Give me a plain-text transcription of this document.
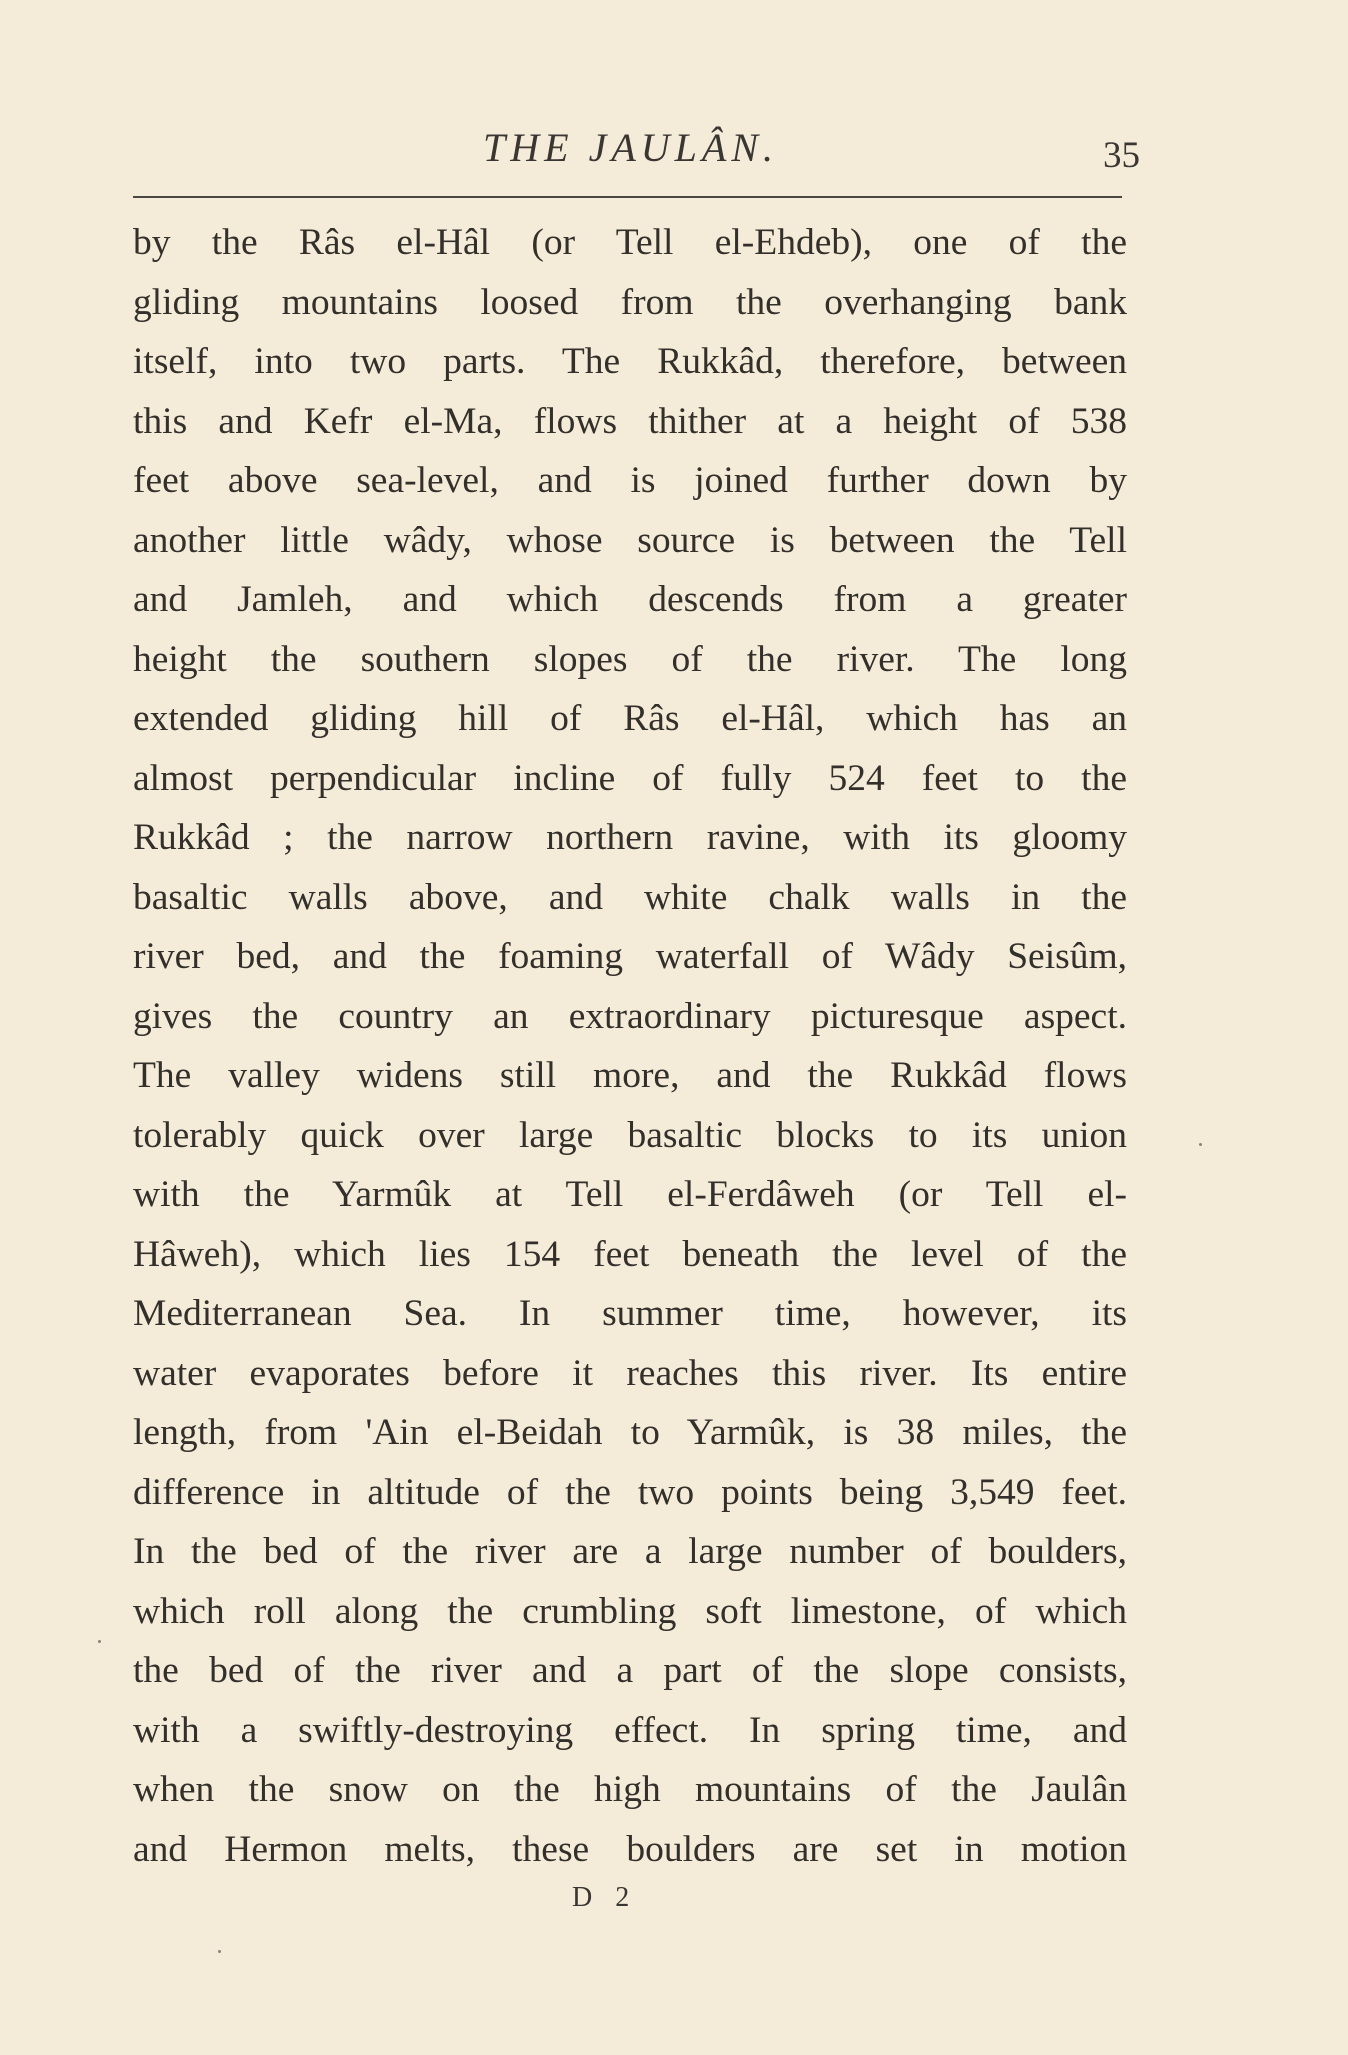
THE JAULÂN.	35
by the Râs el-Hâl (or Tell el-Ehdeb), one of the
gliding mountains loosed from the overhanging bank
itself, into two parts. The Rukkâd, therefore, between
this and Kefr el-Ma, flows thither at a height of 538
feet above sea-level, and is joined further down by
another little wâdy, whose source is between the Tell
and Jamleh, and which descends from a greater
height the southern slopes of the river. The long
extended gliding hill of Râs el-Hâl, which has an
almost perpendicular incline of fully 524 feet to the
Rukkâd ; the narrow northern ravine, with its gloomy
basaltic walls above, and white chalk walls in the
river bed, and the foaming waterfall of Wâdy Seisûm,
gives the country an extraordinary picturesque aspect.
The valley widens still more, and the Rukkâd flows
tolerably quick over large basaltic blocks to its union
with the Yarmûk at Tell el-Ferdâweh (or Tell el-
Hâweh), which lies 154 feet beneath the level of the
Mediterranean Sea. In summer time, however, its
water evaporates before it reaches this river. Its entire
length, from 'Ain el-Beidah to Yarmûk, is 38 miles, the
difference in altitude of the two points being 3,549 feet.
In the bed of the river are a large number of boulders,
which roll along the crumbling soft limestone, of which
the bed of the river and a part of the slope consists,
with a swiftly-destroying effect. In spring time, and
when the snow on the high mountains of the Jaulân
and Hermon melts, these boulders are set in motion
D 2
